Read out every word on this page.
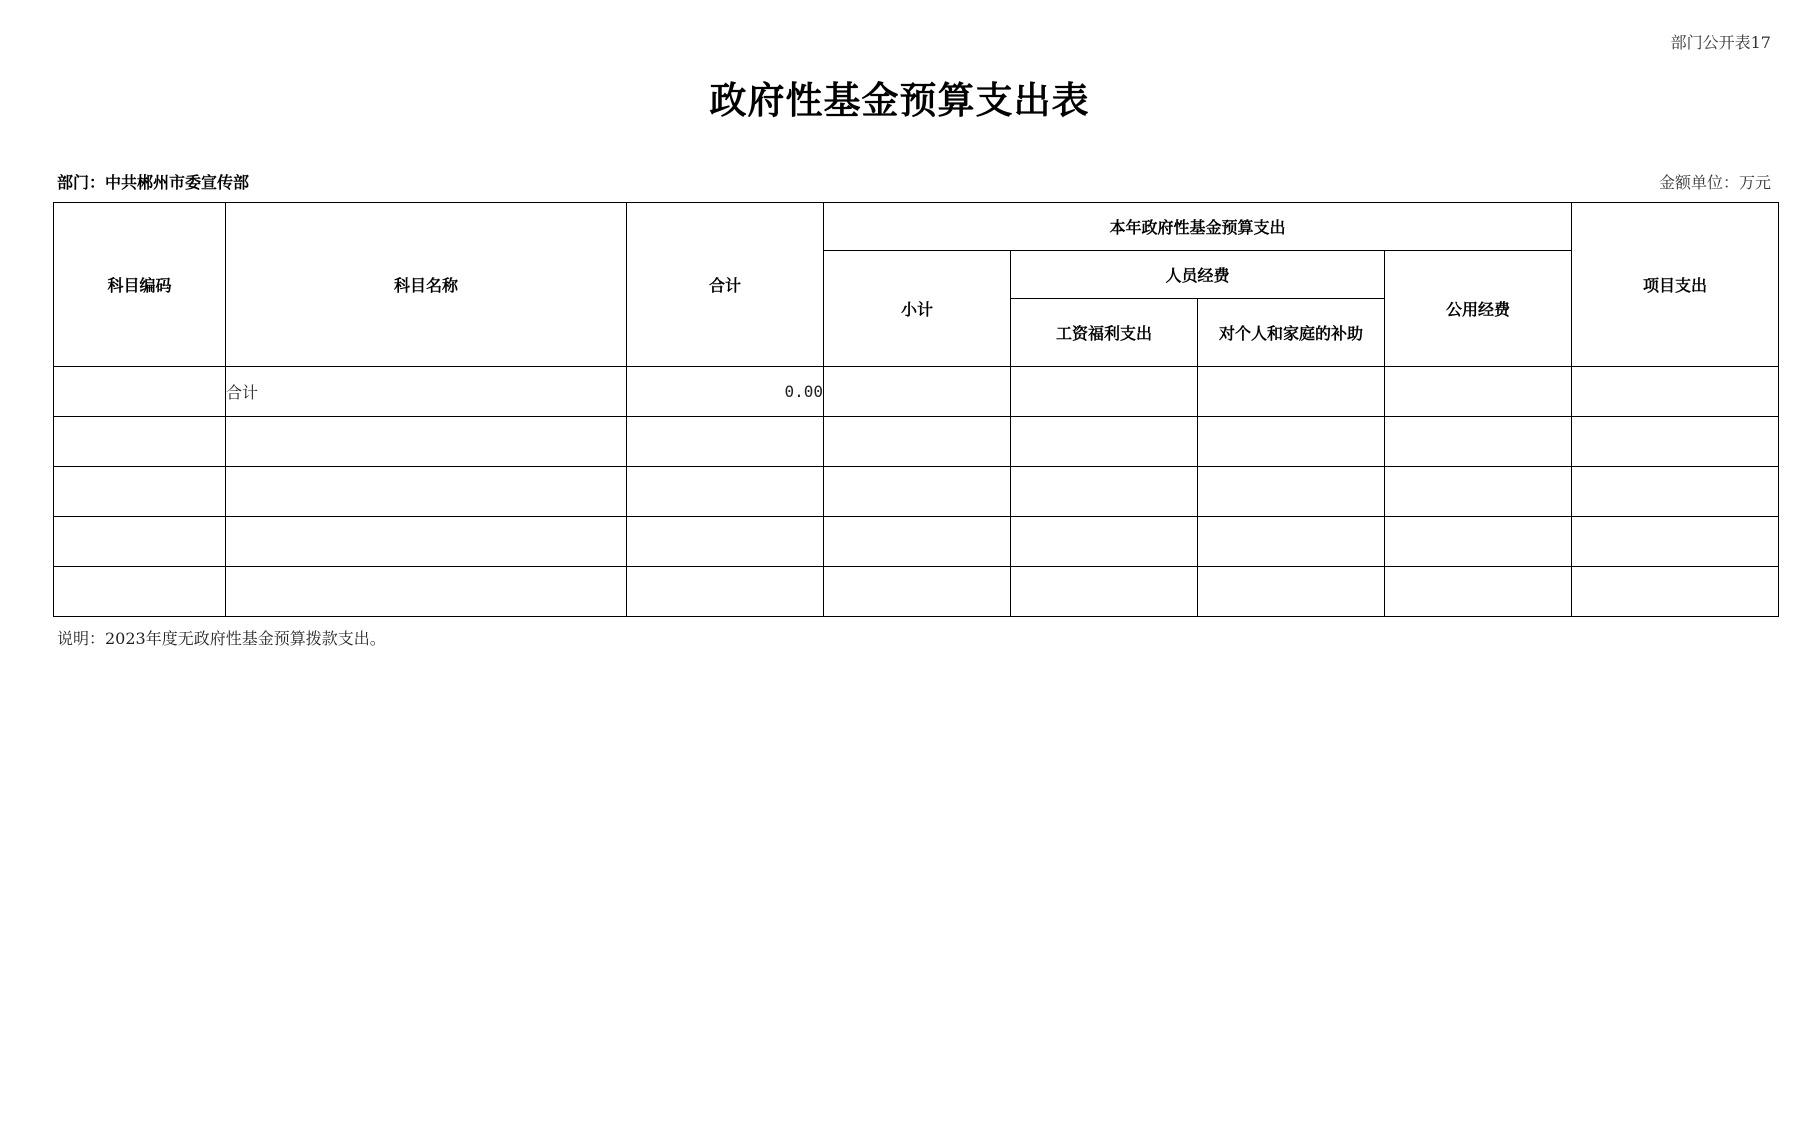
部门公开表17
政府性基金预算支出表
部门：中共郴州市委宣传部	金额单位：万元
科目编码	科目名称	合计	本年政府性基金预算支出				项目支出
			小计	人员经费		公用经费	
				工资福利支出	对个人和家庭的补助		
	合计	0.00					

说明：2023年度无政府性基金预算拨款支出。
